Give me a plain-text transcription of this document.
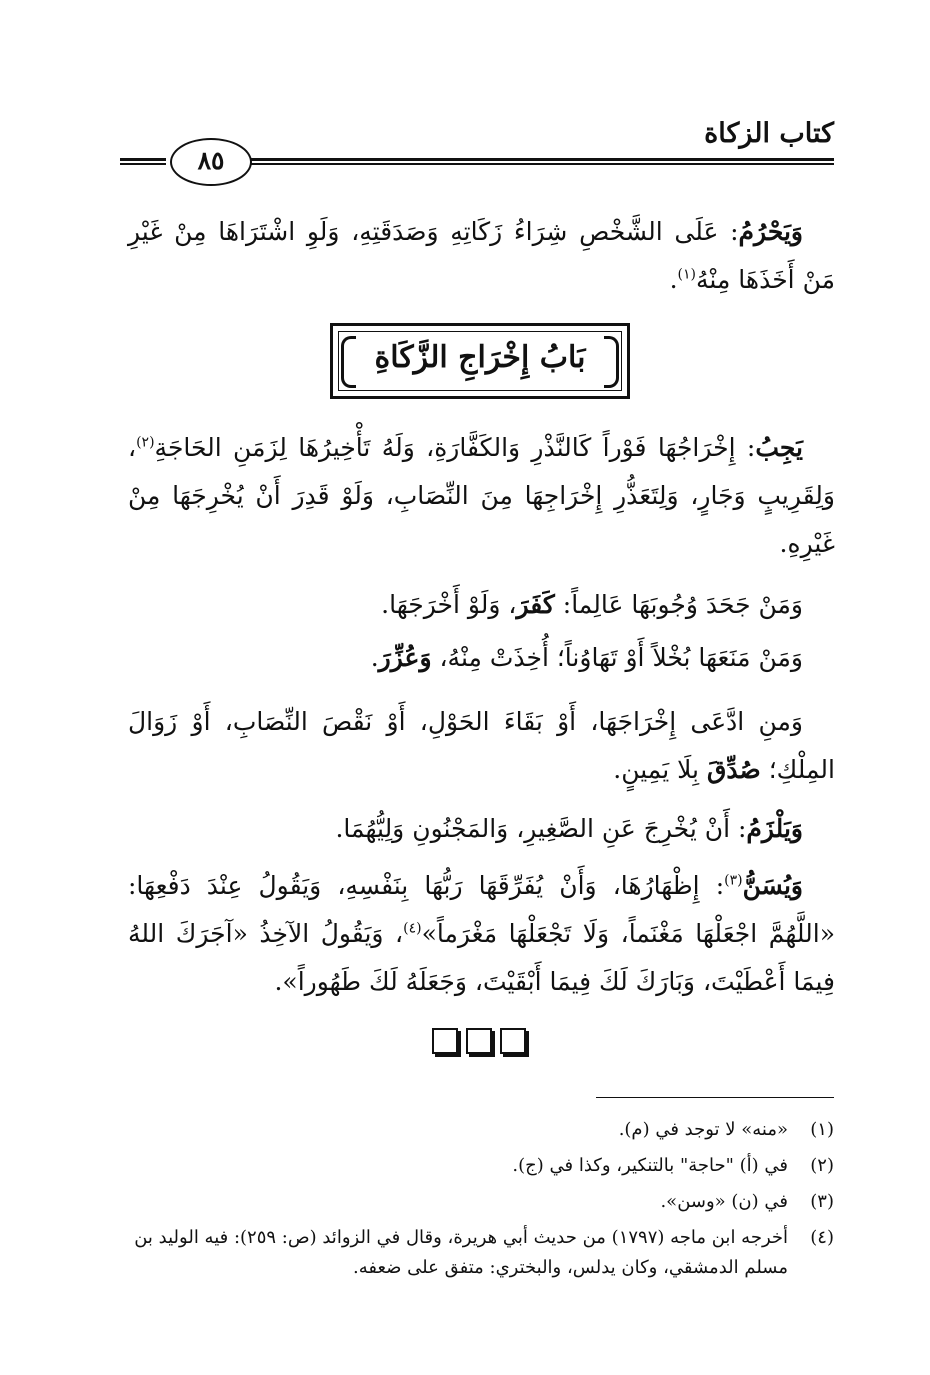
كتاب الزكاة
٨٥

وَيَحْرُمُ: عَلَى الشَّخْصِ شِرَاءُ زَكَاتِهِ وَصَدَقَتِهِ، وَلَوِ اشْتَرَاهَا مِنْ غَيْرِ مَنْ أَخَذَهَا مِنْهُ$^{(١)}$.

بَابُ إِخْرَاجِ الزَّكَاةِ

يَجِبُ: إِخْرَاجُهَا فَوْراً كَالنَّذْرِ وَالكَفَّارَةِ، وَلَهُ تَأْخِيرُهَا لِزَمَنِ الحَاجَةِ$^{(٢)}$، وَلِقَرِيبٍ وَجَارٍ، وَلِتَعَذُّرِ إِخْرَاجِهَا مِنَ النِّصَابِ، وَلَوْ قَدِرَ أَنْ يُخْرِجَهَا مِنْ غَيْرِهِ.

وَمَنْ جَحَدَ وُجُوبَهَا عَالِماً: كَفَرَ، وَلَوْ أَخْرَجَهَا.

وَمَنْ مَنَعَهَا بُخْلاً أَوْ تَهَاوُناً؛ أُخِذَتْ مِنْهُ، وَعُزِّرَ.

وَمنِ ادَّعَى إِخْرَاجَهَا، أَوْ بَقَاءَ الحَوْلِ، أَوْ نَقْصَ النِّصَابِ، أَوْ زَوَالَ المِلْكِ؛ صُدِّقَ بِلَا يَمِينٍ.

وَيَلْزَمُ: أَنْ يُخْرِجَ عَنِ الصَّغِيرِ، وَالمَجْنُونِ وَلِيُّهُمَا.

وَيُسَنُّ$^{(٣)}$: إِظْهَارُهَا، وَأَنْ يُفَرِّقَهَا رَبُّهَا بِنَفْسِهِ، وَيَقُولُ عِنْدَ دَفْعِهَا: «اللَّهُمَّ اجْعَلْهَا مَغْنَماً، وَلَا تَجْعَلْهَا مَغْرَماً»$^{(٤)}$، وَيَقُولُ الآخِذُ «آجَرَكَ اللهُ فِيمَا أَعْطَيْتَ، وَبَارَكَ لَكَ فِيمَا أَبْقَيْتَ، وَجَعَلَهُ لَكَ طَهُوراً».

(١)
«منه» لا توجد في (م).
(٢)
في (أ) "حاجة" بالتنكير، وكذا في (ج).
(٣)
في (ن) «وسن».
(٤)
أخرجه ابن ماجه (١٧٩٧) من حديث أبي هريرة، وقال في الزوائد (ص: ٢٥٩): فيه الوليد بن مسلم الدمشقي، وكان يدلس، والبختري: متفق على ضعفه.
